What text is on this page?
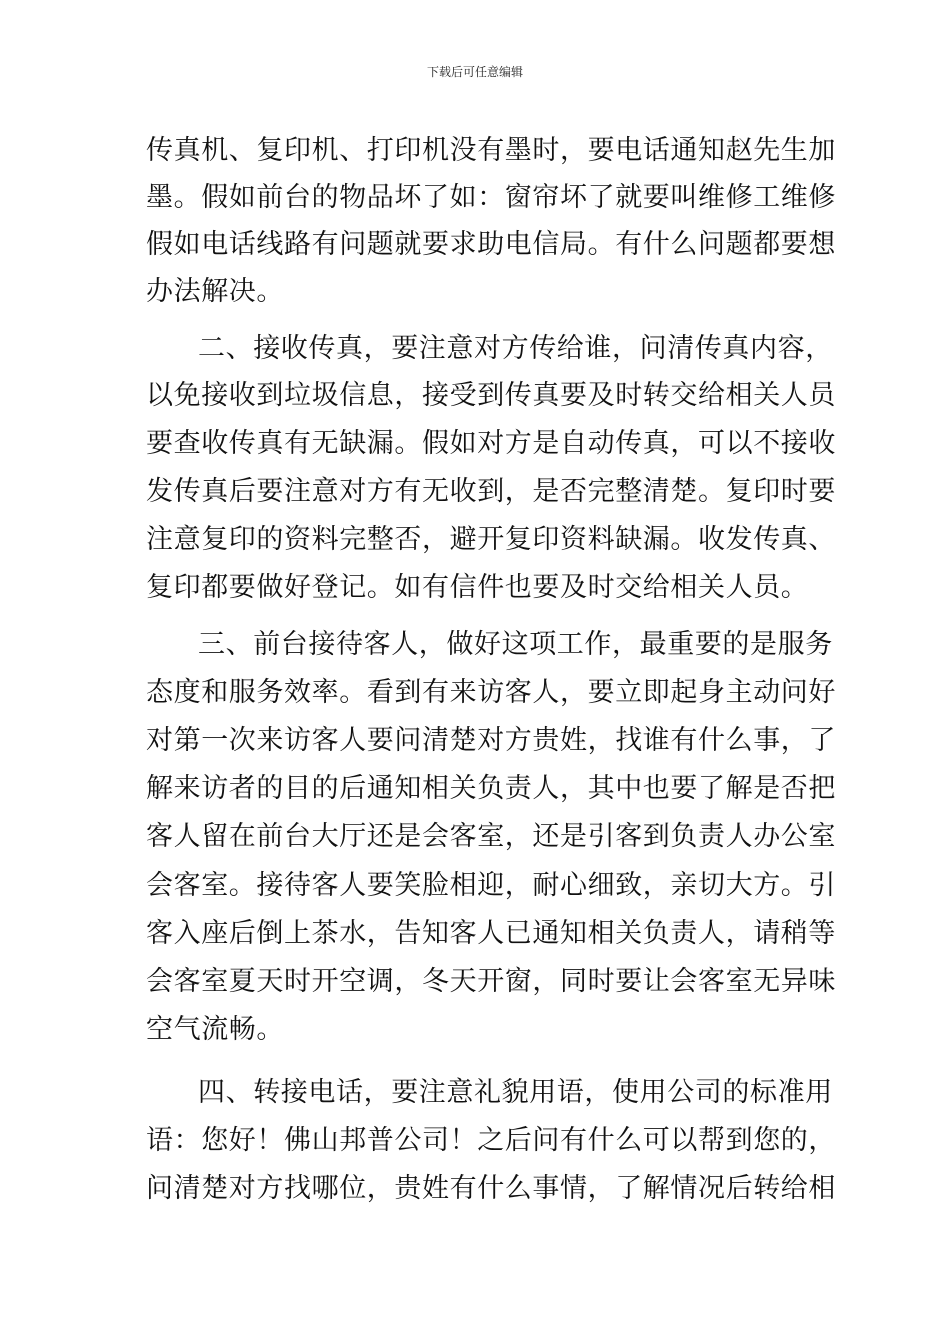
下载后可任意编辑
传真机、复印机、打印机没有墨时，要电话通知赵先生加
墨。假如前台的物品坏了如：窗帘坏了就要叫维修工维修
假如电话线路有问题就要求助电信局。有什么问题都要想
办法解决。
二、接收传真，要注意对方传给谁，问清传真内容，
以免接收到垃圾信息，接受到传真要及时转交给相关人员
要查收传真有无缺漏。假如对方是自动传真，可以不接收
发传真后要注意对方有无收到，是否完整清楚。复印时要
注意复印的资料完整否，避开复印资料缺漏。收发传真、
复印都要做好登记。如有信件也要及时交给相关人员。
三、前台接待客人，做好这项工作，最重要的是服务
态度和服务效率。看到有来访客人，要立即起身主动问好
对第一次来访客人要问清楚对方贵姓，找谁有什么事，了
解来访者的目的后通知相关负责人，其中也要了解是否把
客人留在前台大厅还是会客室，还是引客到负责人办公室
会客室。接待客人要笑脸相迎，耐心细致，亲切大方。引
客入座后倒上茶水，告知客人已通知相关负责人，请稍等
会客室夏天时开空调，冬天开窗，同时要让会客室无异味
空气流畅。
四、转接电话，要注意礼貌用语，使用公司的标准用
语：您好！佛山邦普公司！之后问有什么可以帮到您的，
问清楚对方找哪位，贵姓有什么事情，了解情况后转给相
